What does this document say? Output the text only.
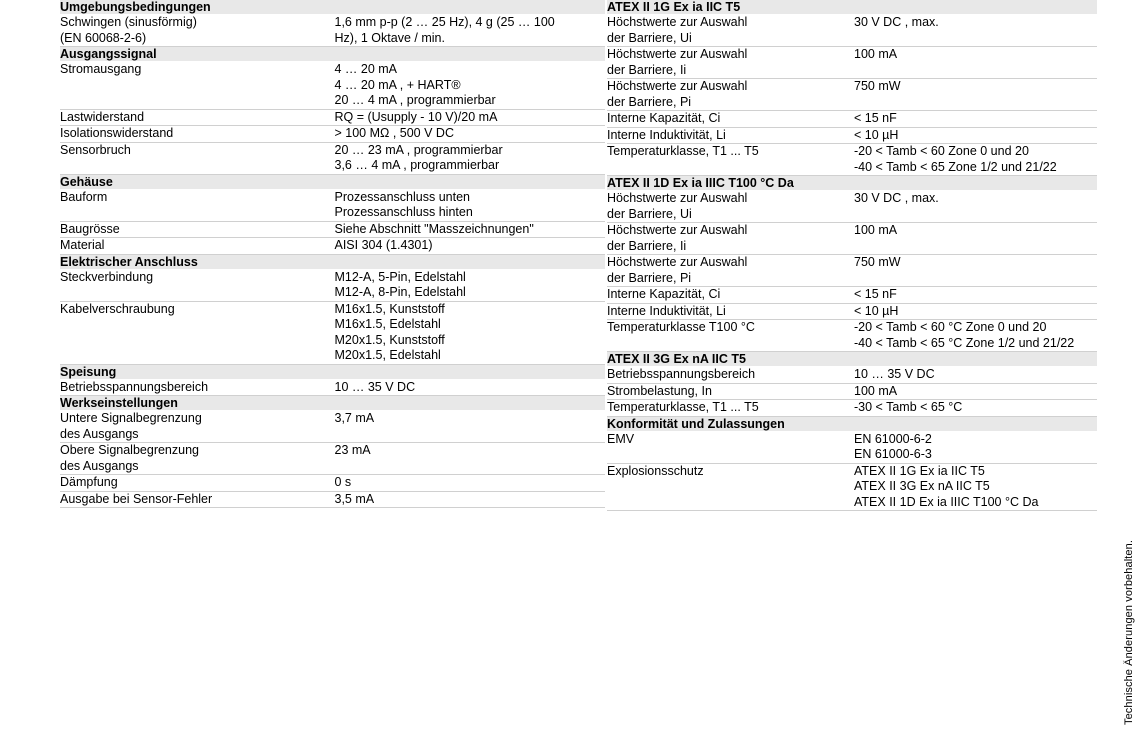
Umgebungsbedingungen	

Schwingen (sinusförmig)
(EN 60068-2-6)	1,6 mm p-p (2 … 25 Hz), 4 g (25 … 100
Hz), 1 Oktave / min.

Ausgangssignal	

Stromausgang	4 … 20 mA
4 … 20 mA , + HART®
20 … 4 mA , programmierbar

Lastwiderstand	RQ = (Usupply - 10 V)/20 mA

Isolationswiderstand	> 100 MΩ , 500 V DC

Sensorbruch	20 … 23 mA , programmierbar
3,6 … 4 mA , programmierbar

Gehäuse	

Bauform	Prozessanschluss unten
Prozessanschluss hinten

Baugrösse	Siehe Abschnitt "Masszeichnungen"

Material	AISI 304 (1.4301)

Elektrischer Anschluss	

Steckverbindung	M12-A, 5-Pin, Edelstahl
M12-A, 8-Pin, Edelstahl

Kabelverschraubung	M16x1.5, Kunststoff
M16x1.5, Edelstahl
M20x1.5, Kunststoff
M20x1.5, Edelstahl

Speisung	

Betriebsspannungsbereich	10 … 35 V DC

Werkseinstellungen	

Untere Signalbegrenzung
des Ausgangs	3,7 mA

Obere Signalbegrenzung
des Ausgangs	23 mA

Dämpfung	0 s

Ausgabe bei Sensor-Fehler	3,5 mA
ATEX II 1G Ex ia IIC T5	

Höchstwerte zur Auswahl
der Barriere, Ui	30 V DC , max.

Höchstwerte zur Auswahl
der Barriere, Ii	100 mA

Höchstwerte zur Auswahl
der Barriere, Pi	750 mW

Interne Kapazität, Ci	< 15 nF

Interne Induktivität, Li	< 10 µH

Temperaturklasse, T1 ... T5	-20 < Tamb < 60 Zone 0 und 20
-40 < Tamb < 65 Zone 1/2 und 21/22

ATEX II 1D Ex ia IIIC T100 °C Da	

Höchstwerte zur Auswahl
der Barriere, Ui	30 V DC , max.

Höchstwerte zur Auswahl
der Barriere, Ii	100 mA

Höchstwerte zur Auswahl
der Barriere, Pi	750 mW

Interne Kapazität, Ci	< 15 nF

Interne Induktivität, Li	< 10 µH

Temperaturklasse T100 °C	-20 < Tamb < 60 °C Zone 0 und 20
-40 < Tamb < 65 °C Zone 1/2 und 21/22

ATEX II 3G Ex nA IIC T5	

Betriebsspannungsbereich	10 … 35 V DC

Strombelastung, In	100 mA

Temperaturklasse, T1 ... T5	-30 < Tamb < 65 °C

Konformität und Zulassungen	

EMV	EN 61000-6-2
EN 61000-6-3

Explosionsschutz	ATEX II 1G Ex ia IIC T5
ATEX II 3G Ex nA IIC T5
ATEX II 1D Ex ia IIIC T100 °C Da
Technische Änderungen vorbehalten.
